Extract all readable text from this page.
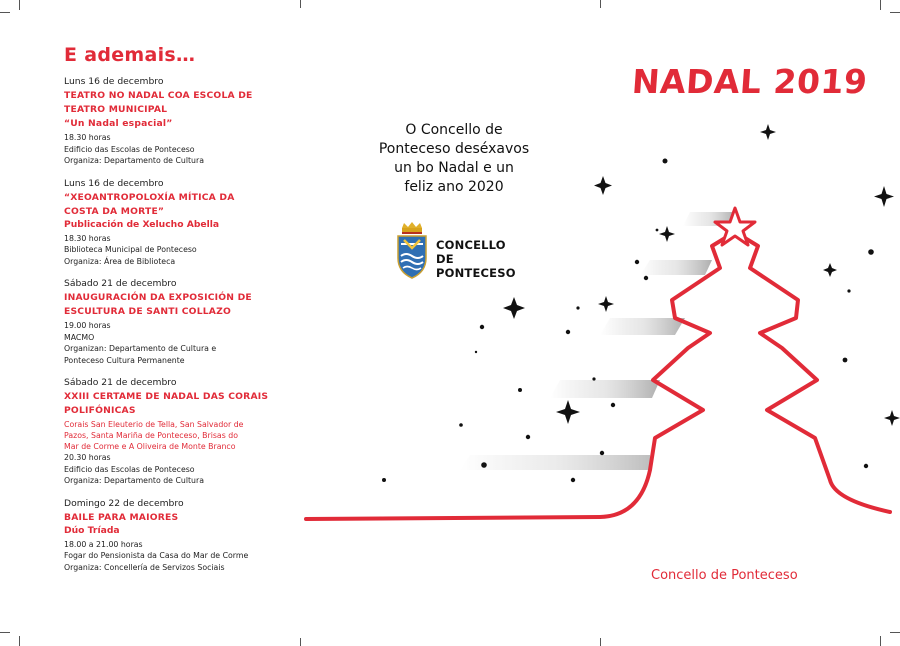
E ademais…
Luns 16 de decembro
TEATRO NO NADAL COA ESCOLA DE
TEATRO MUNICIPAL
“Un Nadal espacial”
18.30 horas
Edificio das Escolas de Ponteceso
Organiza: Departamento de Cultura
Luns 16 de decembro
“XEOANTROPOLOXÍA MÍTICA DA
COSTA DA MORTE”
Publicación de Xelucho Abella
18.30 horas
Biblioteca Municipal de Ponteceso
Organiza: Área de Biblioteca
Sábado 21 de decembro
INAUGURACIÓN DA EXPOSICIÓN DE
ESCULTURA DE SANTI COLLAZO
19.00 horas
MACMO
Organizan: Departamento de Cultura e
Ponteceso Cultura Permanente
Sábado 21 de decembro
XXIII CERTAME DE NADAL DAS CORAIS
POLIFÓNICAS
Corais San Eleuterio de Tella, San Salvador de
Pazos, Santa Mariña de Ponteceso, Brisas do
Mar de Corme e A Oliveira de Monte Branco
20.30 horas
Edificio das Escolas de Ponteceso
Organiza: Departamento de Cultura
Domingo 22 de decembro
BAILE PARA MAIORES
Dúo Tríada
18.00 a 21.00 horas
Fogar do Pensionista da Casa do Mar de Corme
Organiza: Concellería de Servizos Sociais
O Concello de
Ponteceso deséxavos
un bo Nadal e un
feliz ano 2020
CONCELLO DE
PONTECESO
NADAL 2019
Concello de Ponteceso
